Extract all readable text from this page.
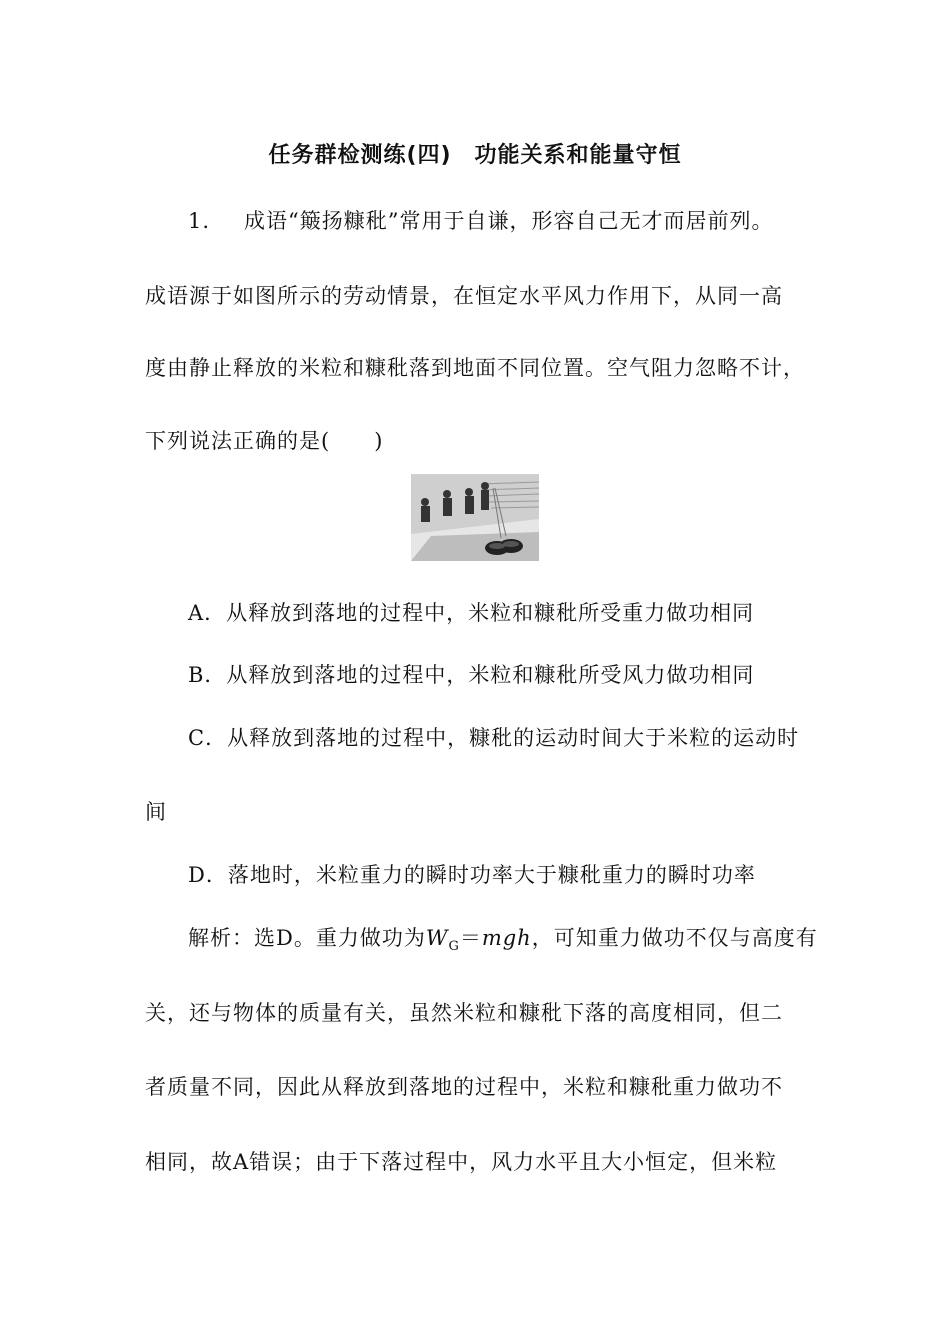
任务群检测练(四)　功能关系和能量守恒
1. 成语“簸扬糠秕”常用于自谦，形容自己无才而居前列。
成语源于如图所示的劳动情景，在恒定水平风力作用下，从同一高
度由静止释放的米粒和糠秕落到地面不同位置。空气阻力忽略不计，
下列说法正确的是(　　)
A．从释放到落地的过程中，米粒和糠秕所受重力做功相同
B．从释放到落地的过程中，米粒和糠秕所受风力做功相同
C．从释放到落地的过程中，糠秕的运动时间大于米粒的运动时
间
D．落地时，米粒重力的瞬时功率大于糠秕重力的瞬时功率
解析：选D。重力做功为$W_G=mgh$，可知重力做功不仅与高度有
关，还与物体的质量有关，虽然米粒和糠秕下落的高度相同，但二
者质量不同，因此从释放到落地的过程中，米粒和糠秕重力做功不
相同，故A错误；由于下落过程中，风力水平且大小恒定，但米粒
